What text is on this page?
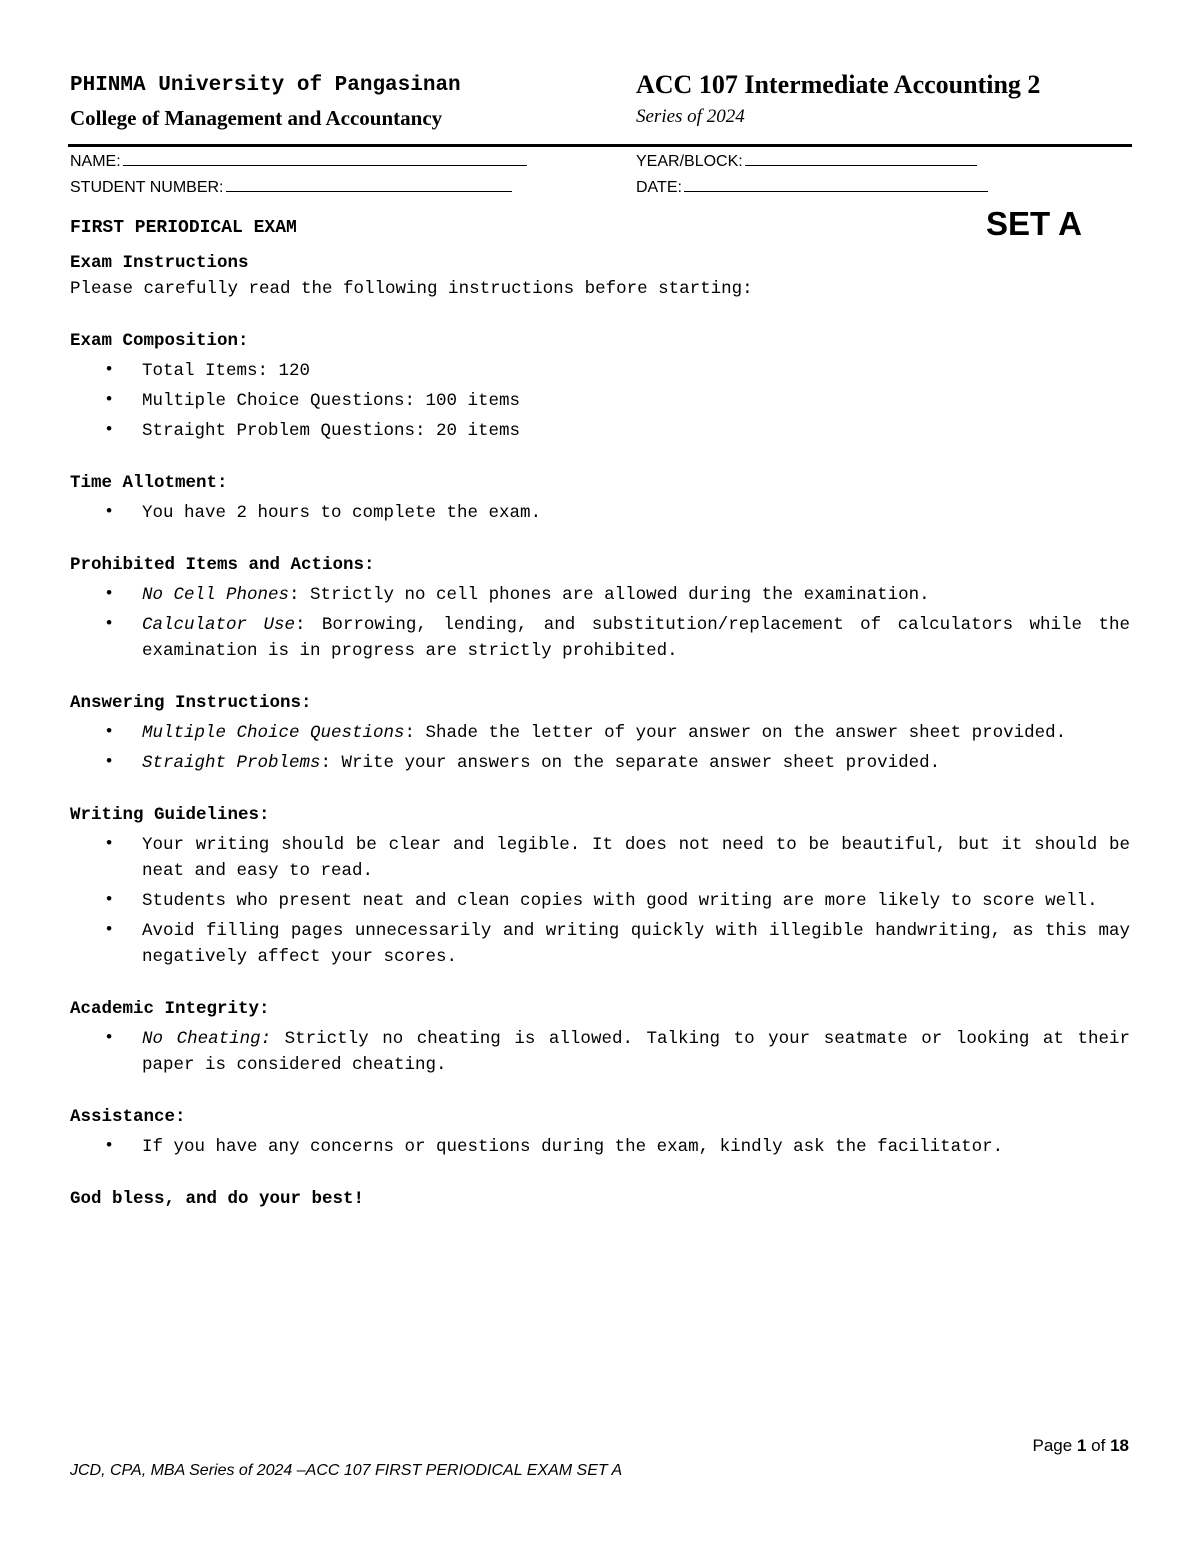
PHINMA University of Pangasinan
College of Management and Accountancy
ACC 107 Intermediate Accounting 2
Series of 2024
NAME:
STUDENT NUMBER:
YEAR/BLOCK:
DATE:
FIRST PERIODICAL EXAM	SET A

Exam Instructions

Please carefully read the following instructions before starting:

Exam Composition:

• Total Items: 120
• Multiple Choice Questions: 100 items
• Straight Problem Questions: 20 items

Time Allotment:

• You have 2 hours to complete the exam.

Prohibited Items and Actions:

• No Cell Phones: Strictly no cell phones are allowed during the examination.
• Calculator Use: Borrowing, lending, and substitution/replacement of calculators while the examination is in progress are strictly prohibited.

Answering Instructions:

• Multiple Choice Questions: Shade the letter of your answer on the answer sheet provided.
• Straight Problems: Write your answers on the separate answer sheet provided.

Writing Guidelines:

• Your writing should be clear and legible. It does not need to be beautiful, but it should be neat and easy to read.
• Students who present neat and clean copies with good writing are more likely to score well.
• Avoid filling pages unnecessarily and writing quickly with illegible handwriting, as this may negatively affect your scores.

Academic Integrity:

• No Cheating: Strictly no cheating is allowed. Talking to your seatmate or looking at their paper is considered cheating.

Assistance:

• If you have any concerns or questions during the exam, kindly ask the facilitator.

God bless, and do your best!

Page 1 of 18
JCD, CPA, MBA Series of 2024 –ACC 107 FIRST PERIODICAL EXAM SET A
